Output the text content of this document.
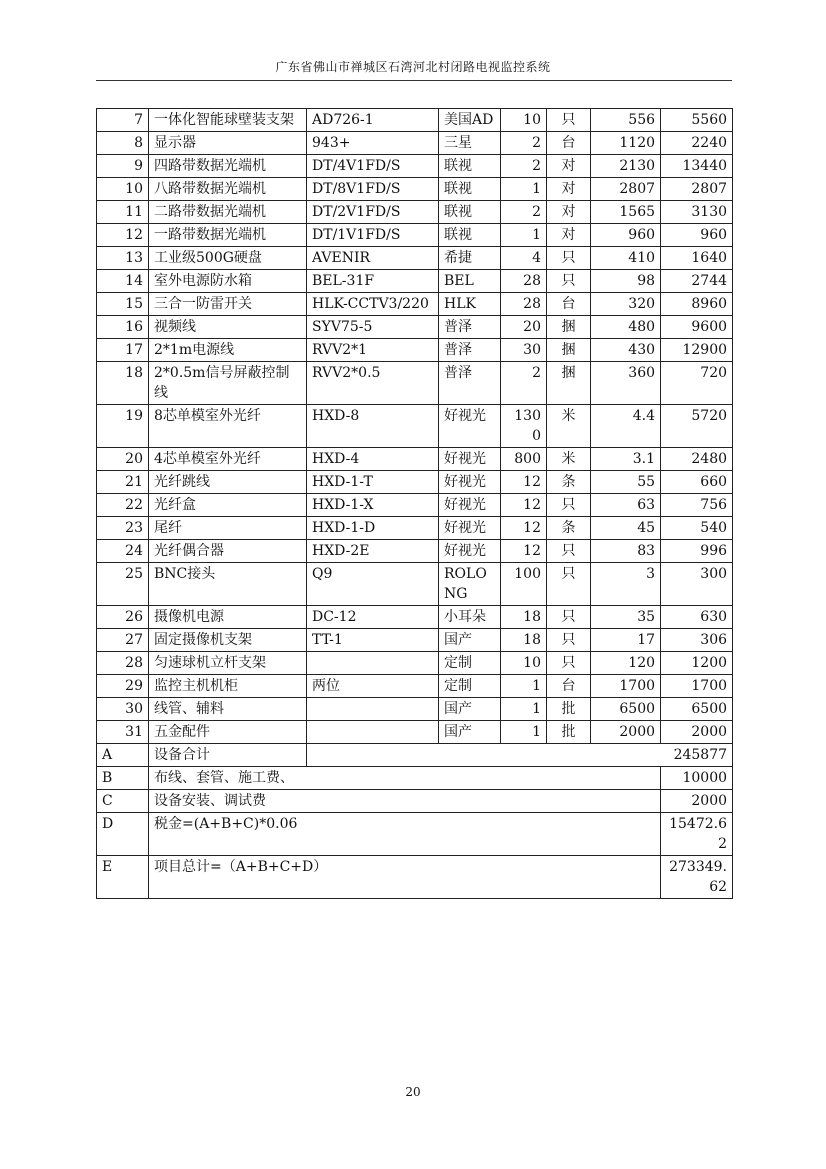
广东省佛山市禅城区石湾河北村闭路电视监控系统
7	一体化智能球壁装支架	AD726-1	美国AD	10	只	556	5560
8	显示器	943+	三星	2	台	1120	2240
9	四路带数据光端机	DT/4V1FD/S	联视	2	对	2130	13440
10	八路带数据光端机	DT/8V1FD/S	联视	1	对	2807	2807
11	二路带数据光端机	DT/2V1FD/S	联视	2	对	1565	3130
12	一路带数据光端机	DT/1V1FD/S	联视	1	对	960	960
13	工业级500G硬盘	AVENIR	希捷	4	只	410	1640
14	室外电源防水箱	BEL-31F	BEL	28	只	98	2744
15	三合一防雷开关	HLK-CCTV3/220	HLK	28	台	320	8960
16	视频线	SYV75-5	普泽	20	捆	480	9600
17	2*1m电源线	RVV2*1	普泽	30	捆	430	12900
18	2*0.5m信号屏蔽控制线	RVV2*0.5	普泽	2	捆	360	720
19	8芯单模室外光纤	HXD-8	好视光	1300	米	4.4	5720
20	4芯单模室外光纤	HXD-4	好视光	800	米	3.1	2480
21	光纤跳线	HXD-1-T	好视光	12	条	55	660
22	光纤盒	HXD-1-X	好视光	12	只	63	756
23	尾纤	HXD-1-D	好视光	12	条	45	540
24	光纤偶合器	HXD-2E	好视光	12	只	83	996
25	BNC接头	Q9	ROLONG	100	只	3	300
26	摄像机电源	DC-12	小耳朵	18	只	35	630
27	固定摄像机支架	TT-1	国产	18	只	17	306
28	匀速球机立杆支架		定制	10	只	120	1200
29	监控主机机柜	两位	定制	1	台	1700	1700
30	线管、辅料		国产	1	批	6500	6500
31	五金配件		国产	1	批	2000	2000
A	设备合计	245877					
B	布线、套管、施工费、						10000
C	设备安装、调试费						2000
D	税金=(A+B+C)*0.06						15472.62
E	项目总计=（A+B+C+D）						273349.62
20
